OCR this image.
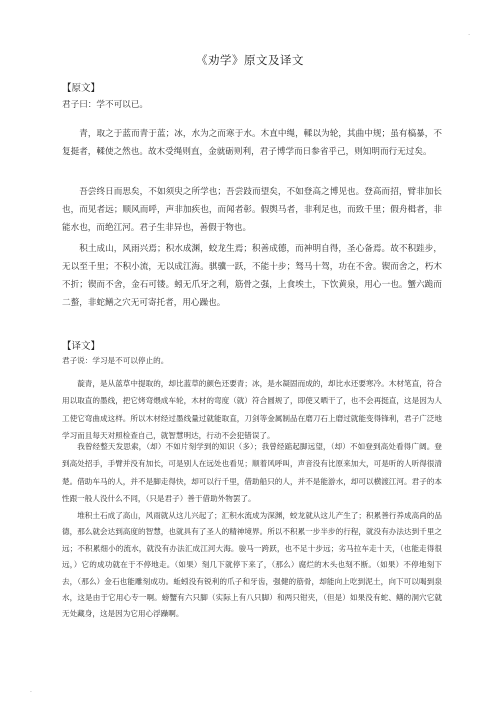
.
《劝学》原文及译文
【原文】

君子曰：学不可以已。

青，取之于蓝而青于蓝；冰，水为之而寒于水。木直中绳，輮以为轮，其曲中规；虽有槁暴，不复挺者，輮使之然也。故木受绳则直，金就砺则利，君子博学而日参省乎己，则知明而行无过矣。

吾尝终日而思矣，不如须臾之所学也；吾尝跂而望矣，不如登高之博见也。登高而招，臂非加长也，而见者远；顺风而呼，声非加疾也，而闻者彰。假舆马者，非利足也，而致千里；假舟楫者，非能水也，而绝江河。君子生非异也，善假于物也。

积土成山，风雨兴焉；积水成渊，蛟龙生焉；积善成德，而神明自得，圣心备焉。故不积跬步，无以至千里；不积小流，无以成江海。骐骥一跃，不能十步；驽马十驾，功在不舍。锲而舍之，朽木不折；锲而不舍，金石可镂。蚓无爪牙之利，筋骨之强，上食埃土，下饮黄泉，用心一也。蟹六跪而二螯，非蛇鳝之穴无可寄托者，用心躁也。

【译文】

君子说：学习是不可以停止的。

靛青，是从蓝草中提取的，却比蓝草的颜色还要青；冰，是水凝固而成的，却比水还要寒冷。木材笔直，符合用以取直的墨线，把它烤弯煨成车轮，木材的弯度（就）符合圆规了，即使又晒干了，也不会再挺直，这是因为人工使它弯曲成这样。所以木材经过墨线量过就能取直，刀剑等金属制品在磨刀石上磨过就能变得锋利，君子广泛地学习而且每天对照检查自己，就智慧明达，行动不会犯错误了。

我曾经整天发思索，（却）不如片刻学到的知识（多）；我曾经踮起脚远望，（却）不如登到高处看得广阔。登到高处招手，手臂并没有加长，可是别人在远处也看见；顺着风呼叫，声音没有比原来加大，可是听的人听得很清楚。借助车马的人，并不是脚走得快，却可以行千里，借助船只的人，并不是能游水，却可以横渡江河。君子的本性跟一般人没什么不同，（只是君子）善于借助外物罢了。

堆积土石成了高山，风雨就从这儿兴起了；汇积水流成为深渊，蛟龙就从这儿产生了；积累善行养成高尚的品德，那么就会达到高度的智慧，也就具有了圣人的精神境界。所以不积累一步半步的行程，就没有办法达到千里之远；不积累细小的流水，就没有办法汇成江河大海。骏马一跨跃，也不足十步远；劣马拉车走十天，（也能走得很远，）它的成功就在于不停地走。（如果）刻几下就停下来了，（那么）腐烂的木头也刻不断。（如果）不停地刻下去，（那么）金石也能雕刻成功。蚯蚓没有锐利的爪子和牙齿，强健的筋骨，却能向上吃到泥土，向下可以喝到泉水，这是由于它用心专一啊。螃蟹有六只脚（实际上有八只脚）和两只钳夹，（但是）如果没有蛇、鳝的洞穴它就无处藏身，这是因为它用心浮躁啊。

.
